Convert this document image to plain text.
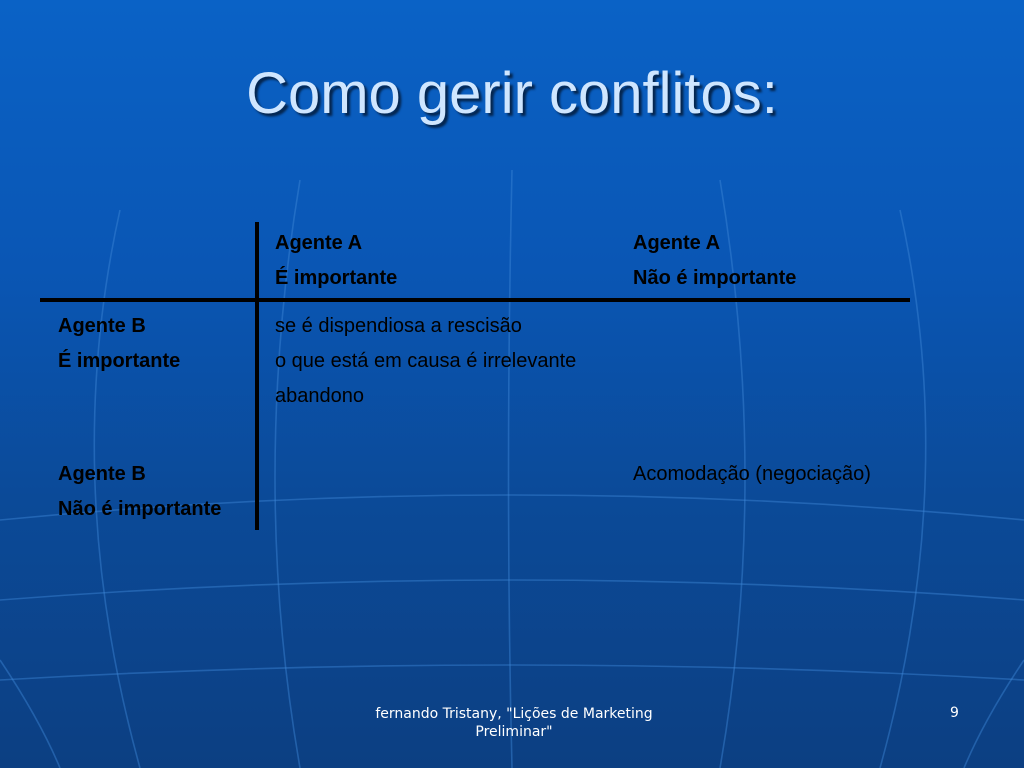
Como gerir conflitos:
Agente A
É importante
Agente A
Não é importante
Agente B
É importante
se é dispendiosa a rescisão
o que está em causa é irrelevante
abandono
Agente B
Não é importante
Acomodação (negociação)
fernando Tristany, "Lições de Marketing
Preliminar"
9
